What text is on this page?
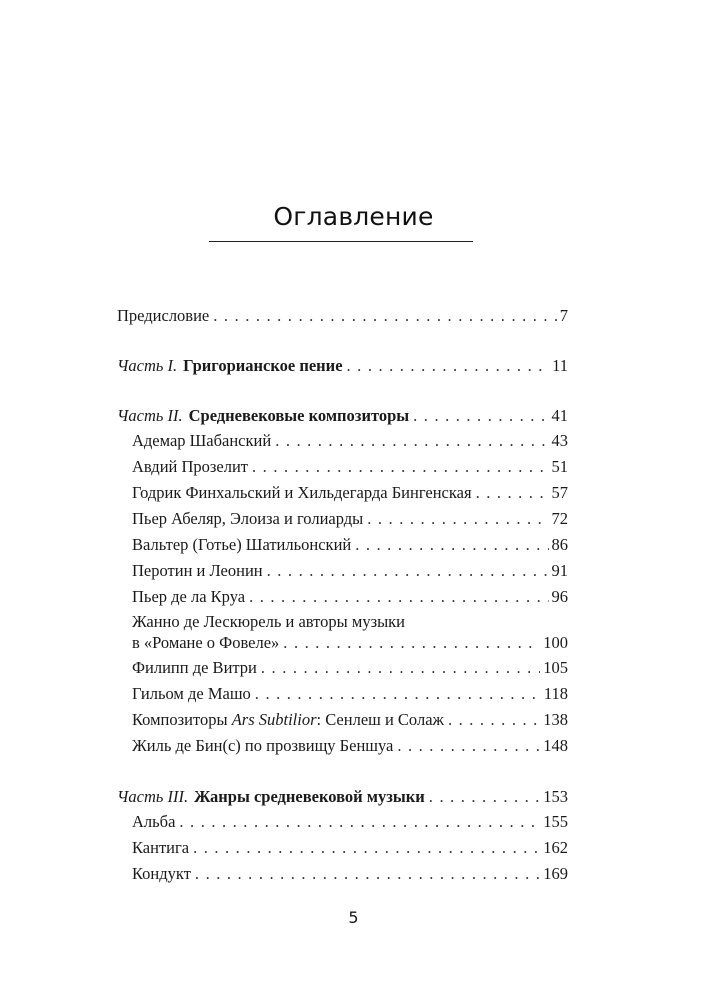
Оглавление
Предисловие . . .	7
Часть I. Григорианское пение . . .	11
Часть II. Средневековые композиторы . . .	41
Адемар Шабанский . . .	43
Авдий Прозелит . . .	51
Годрик Финхальский и Хильдегарда Бингенская . . .	57
Пьер Абеляр, Элоиза и голиарды . . .	72
Вальтер (Готье) Шатильонский . . .	86
Перотин и Леонин . . .	91
Пьер де ла Круа . . .	96
Жанно де Лескюрель и авторы музыки
в «Романе о Фовеле» . . .	100
Филипп де Витри . . .	105
Гильом де Машо . . .	118
Композиторы Ars Subtilior: Сенлеш и Солаж . . .	138
Жиль де Бин(с) по прозвищу Беншуа . . .	148
Часть III. Жанры средневековой музыки . . .	153
Альба . . .	155
Кантига . . .	162
Кондукт . . .	169
5
